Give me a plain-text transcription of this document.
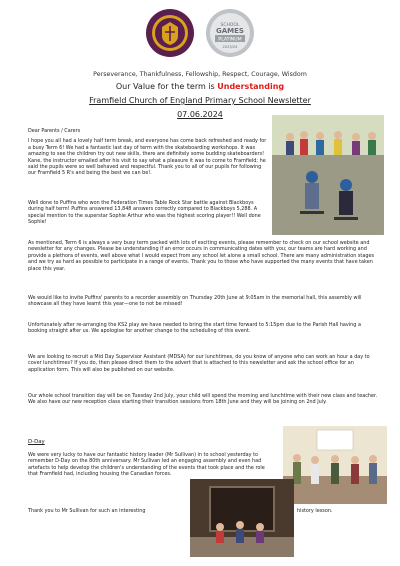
SCHOOL
GAMES
PLATINUM
2023/24
Perseverance, Thankfulness, Fellowship, Respect, Courage, Wisdom
Our Value for the term is Understanding
Framfield Church of England Primary School Newsletter
07.06.2024
Dear Parents / Carers
I hope you all had a lovely half term break, and everyone has come back refreshed and ready for a busy Term 6! We had a fantastic last day of term with the skateboarding workshops. It was amazing to see the children try out new skills, there are definitely some budding skateboarders! Kane, the instructor emailed after his visit to say what a pleasure it was to come to Framfield; he said the pupils were so well behaved and respectful. Thank you to all of our pupils for following our Framfield 5 R's and being the best we can be!.
Well done to Puffins who won the Federation Times Table Rock Star battle against Blackboys during half term! Puffins answered 13,848 answers correctly compared to Blackboys 5,288. A special mention to the superstar Sophie Arthur who was the highest scoring player!! Well done Sophie!
As mentioned, Term 6 is always a very busy term packed with lots of exciting events, please remember to check on our school website and newsletter for any changes. Please be understanding if an error occurs in communicating dates with you; our teams are hard working and provide a plethora of events, well above what I would expect from any school let alone a small school. There are many administration stages and we try as hard as possible to participate in a range of events. Thank you to those who have supported the many events that have taken place this year.
We would like to invite Puffins' parents to a recorder assembly on Thursday 20th June at 9:05am in the memorial hall, this assembly will showcase all they have learnt this year—one to not be missed!
Unfortunately after re-arranging the KS2 play we have needed to bring the start time forward to 5:15pm due to the Parish Hall having a booking straight after us. We apologise for another change to the scheduling of this event.
We are looking to recruit a Mid Day Supervisor Assistant (MDSA) for our lunchtimes, do you know of anyone who can work an hour a day to cover lunchtimes? If you do, then please direct them to the advert that is attached to this newsletter and ask the school office for an application form. This will also be published on our website.
Our whole school transition day will be on Tuesday 2nd July, your child will spend the morning and lunchtime with their new class and teacher. We also have our new reception class starting their transition sessions from 18th June and they will be joining on 2nd July.
D-Day
We were very lucky to have our fantastic history leader (Mr Sullivan) in to school yesterday to remember D-Day on the 80th anniversary. Mr Sullivan led an engaging assembly and even had artefacts to help develop the children's understanding of the events that took place and the role that Framfield had, including housing the Canadian forces.
Thank you to Mr Sullivan for such an interesting	history lesson.
